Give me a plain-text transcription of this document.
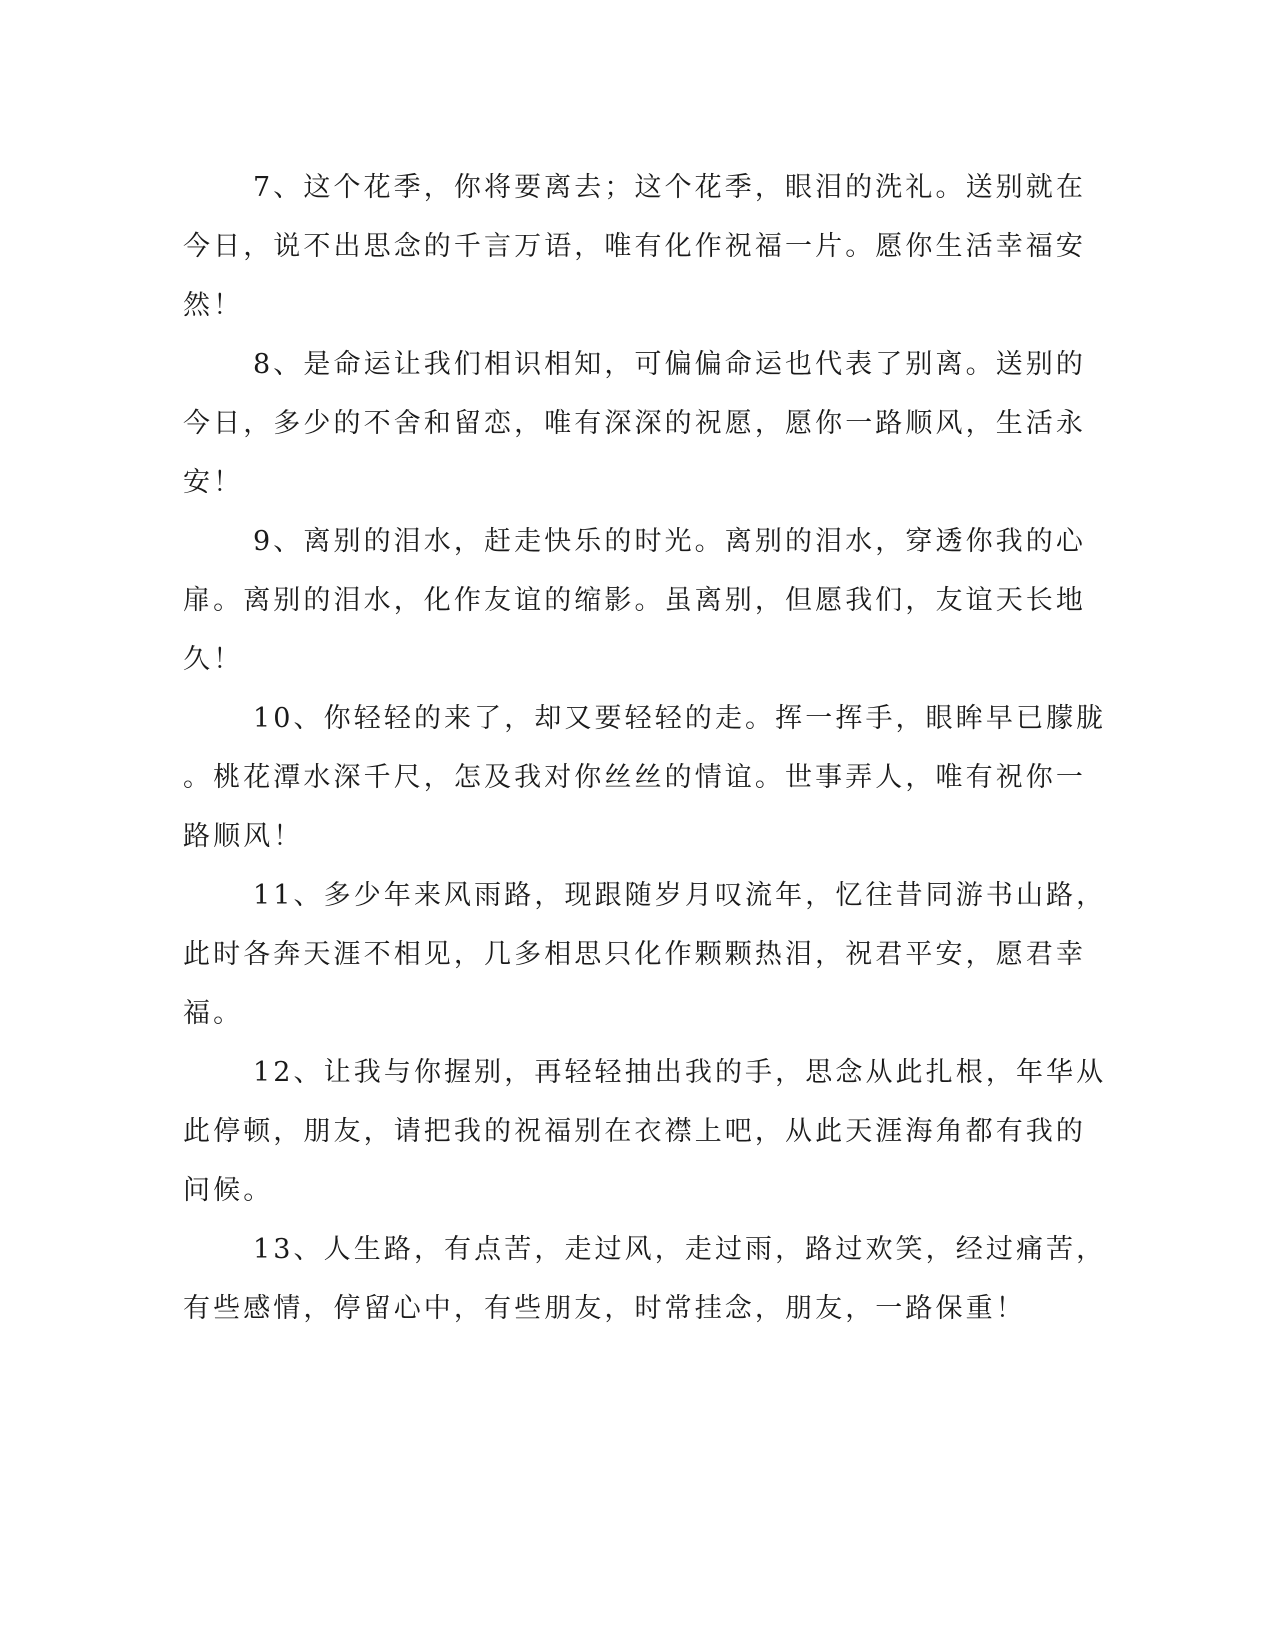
7、这个花季，你将要离去；这个花季，眼泪的洗礼。送别就在
今日，说不出思念的千言万语，唯有化作祝福一片。愿你生活幸福安
然！

8、是命运让我们相识相知，可偏偏命运也代表了别离。送别的
今日，多少的不舍和留恋，唯有深深的祝愿，愿你一路顺风，生活永
安！

9、离别的泪水，赶走快乐的时光。离别的泪水，穿透你我的心
扉。离别的泪水，化作友谊的缩影。虽离别，但愿我们，友谊天长地
久！

10、你轻轻的来了，却又要轻轻的走。挥一挥手，眼眸早已朦胧
。桃花潭水深千尺，怎及我对你丝丝的情谊。世事弄人，唯有祝你一
路顺风！

11、多少年来风雨路，现跟随岁月叹流年，忆往昔同游书山路，
此时各奔天涯不相见，几多相思只化作颗颗热泪，祝君平安，愿君幸
福。

12、让我与你握别，再轻轻抽出我的手，思念从此扎根，年华从
此停顿，朋友，请把我的祝福别在衣襟上吧，从此天涯海角都有我的
问候。

13、人生路，有点苦，走过风，走过雨，路过欢笑，经过痛苦，
有些感情，停留心中，有些朋友，时常挂念，朋友，一路保重！
